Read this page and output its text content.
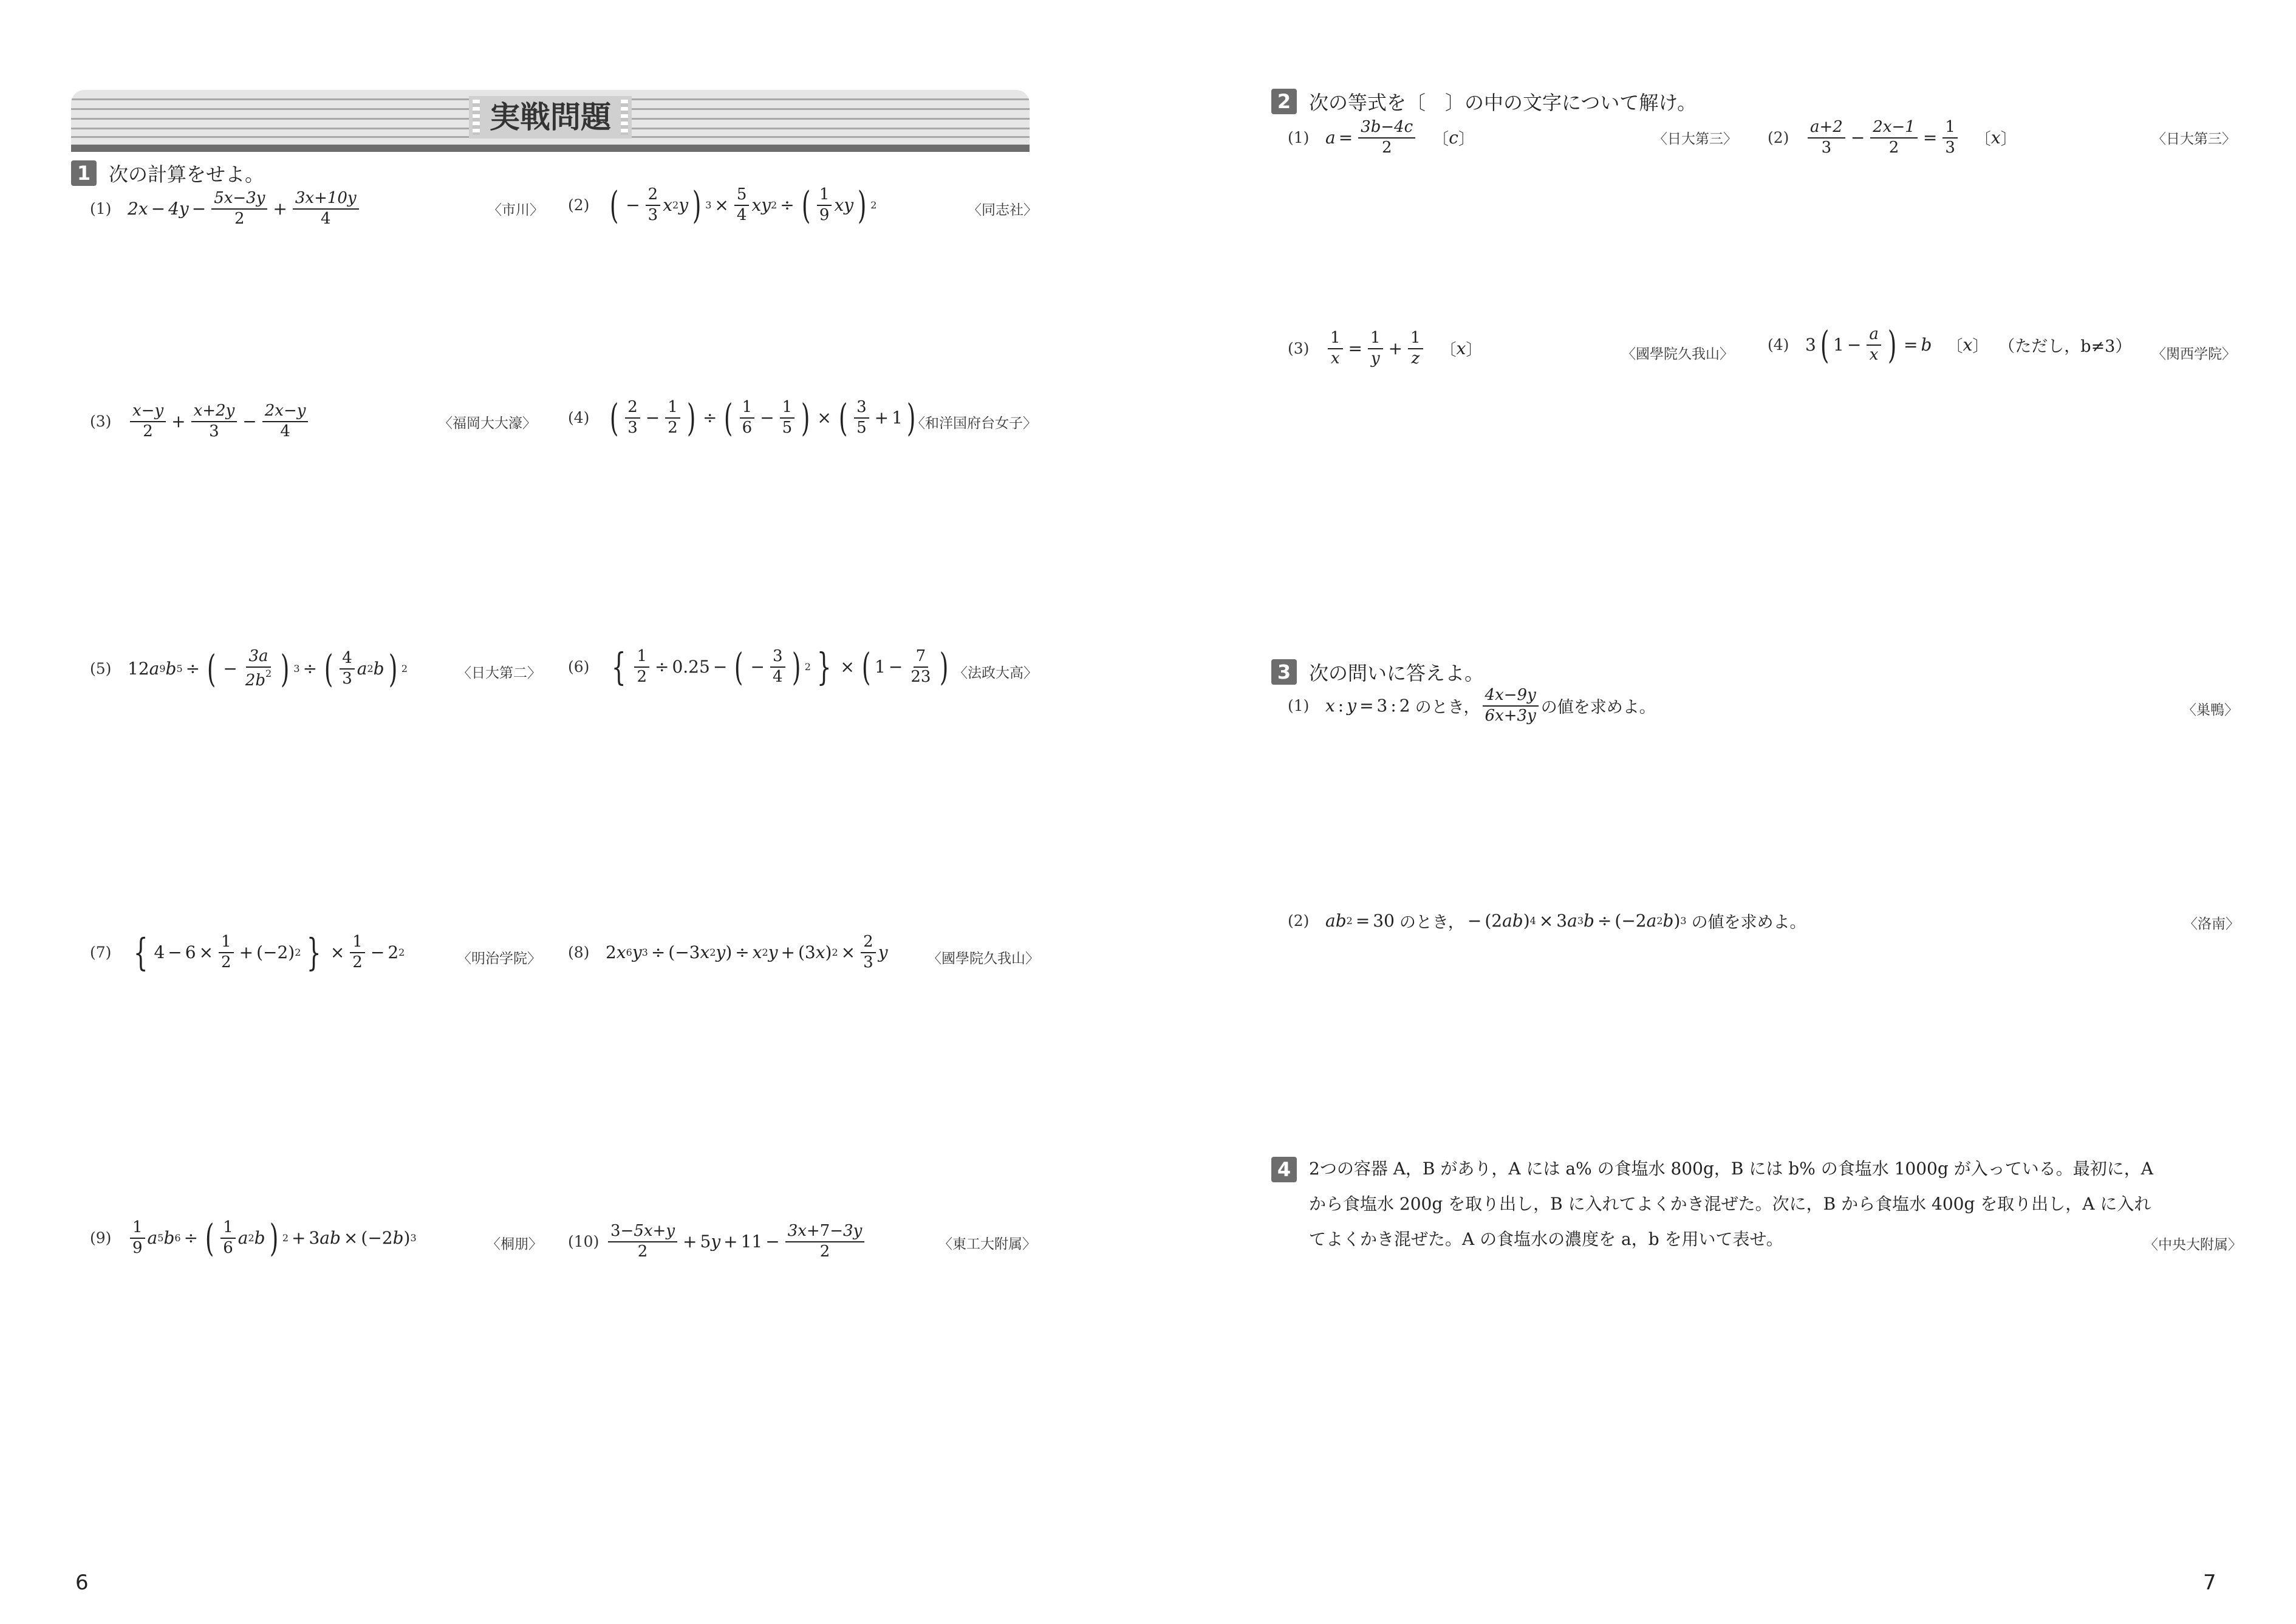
実戦問題
1 次の計算をせよ。
(1) $2x - 4y - \frac{5x-3y}{2} + \frac{3x+10y}{4}$	〈市川〉 (2) ( − $\frac{2}{3}$ x 2 y ) $3 \times \frac{5}{4}$ xy 2 ÷ ( $\frac{1}{9}$ xy ) 2	〈同志社〉
(3)	$\frac{x-y}{2} + \frac{x+2y}{3} - \frac{2x-y}{4}$	〈福岡大大濠〉 (4) ( $\frac{2}{3} - \frac{1}{2}$ ) ÷ ( $\frac{1}{6} - \frac{1}{5}$ ) × ( $\frac{3}{5} + 1$ )
〈和洋国府台女子〉
(5) 12 a 9 b 5 ÷ ( − $\frac{3a}{2b^2}$ ) 3 ÷ ( $\frac{4}{3}$ a 2 b ) 2	〈日大第二〉 (6) { $\frac{1}{2} \div 0.25$ − ( − $\frac{3}{4}$ ) 2 } × ( $1 - \frac{7}{23}$ ) 〈法政大高〉
(7) { $4 - 6 \times \frac{1}{2} + (-2)$ 2 } × $\frac{1}{2} - 2$ 2	〈明治学院〉 (8) 2 x 6 y 3 ÷ (−3 x 2 y ) ÷ x 2 y + (3 x ) $2 \times \frac{2}{3}$ y	〈國學院久我山〉
(9)	$\frac{1}{9}$ a 5 b 6 ÷ ( $\frac{1}{6}$ a 2 b ) 2 + 3 ab × (−2 b ) 3	〈桐朋〉 $(10) \frac{3-5x+y}{2} + 5$ $y + 11 - \frac{3x+7-3y}{2}$	〈東工大附属〉
6
2 次の等式を〔　〕の中の文字について解け。
(1) $a = \frac{3b-4c}{2}$ 〔 c 〕	〈日大第三〉 (2)	$\frac{a+2}{3} - \frac{2x-1}{2} = \frac{1}{3}$ 〔 x 〕	〈日大第三〉
(3)	$\frac{1}{x} = \frac{1}{y} + \frac{1}{z}$ 〔 x 〕	〈國學院久我山〉
(4) 3 ( $1 - \frac{a}{x}$ ) = b 〔 x 〕 （ただし，b≠3） 〈関西学院〉
3 次の問いに答えよ。
(1) x : y = 3 : 2 のとき， $\frac{4x-9y}{6x+3y}$ の値を求めよ。	〈巣鴨〉
(2) ab 2 = 30 のとき， − (2 ab ) 4 × 3 a 3 b ÷ (−2 a 2 b ) 3 の値を求めよ。	〈洛南〉
4	2つの容器 A，B があり，A には a% の食塩水 800g，B には b% の食塩水 1000g が入っている。最初に，A
から食塩水 200g を取り出し，B に入れてよくかき混ぜた。次に，B から食塩水 400g を取り出し，A に入れ
てよくかき混ぜた。A の食塩水の濃度を a，b を用いて表せ。	〈中央大附属〉
7
